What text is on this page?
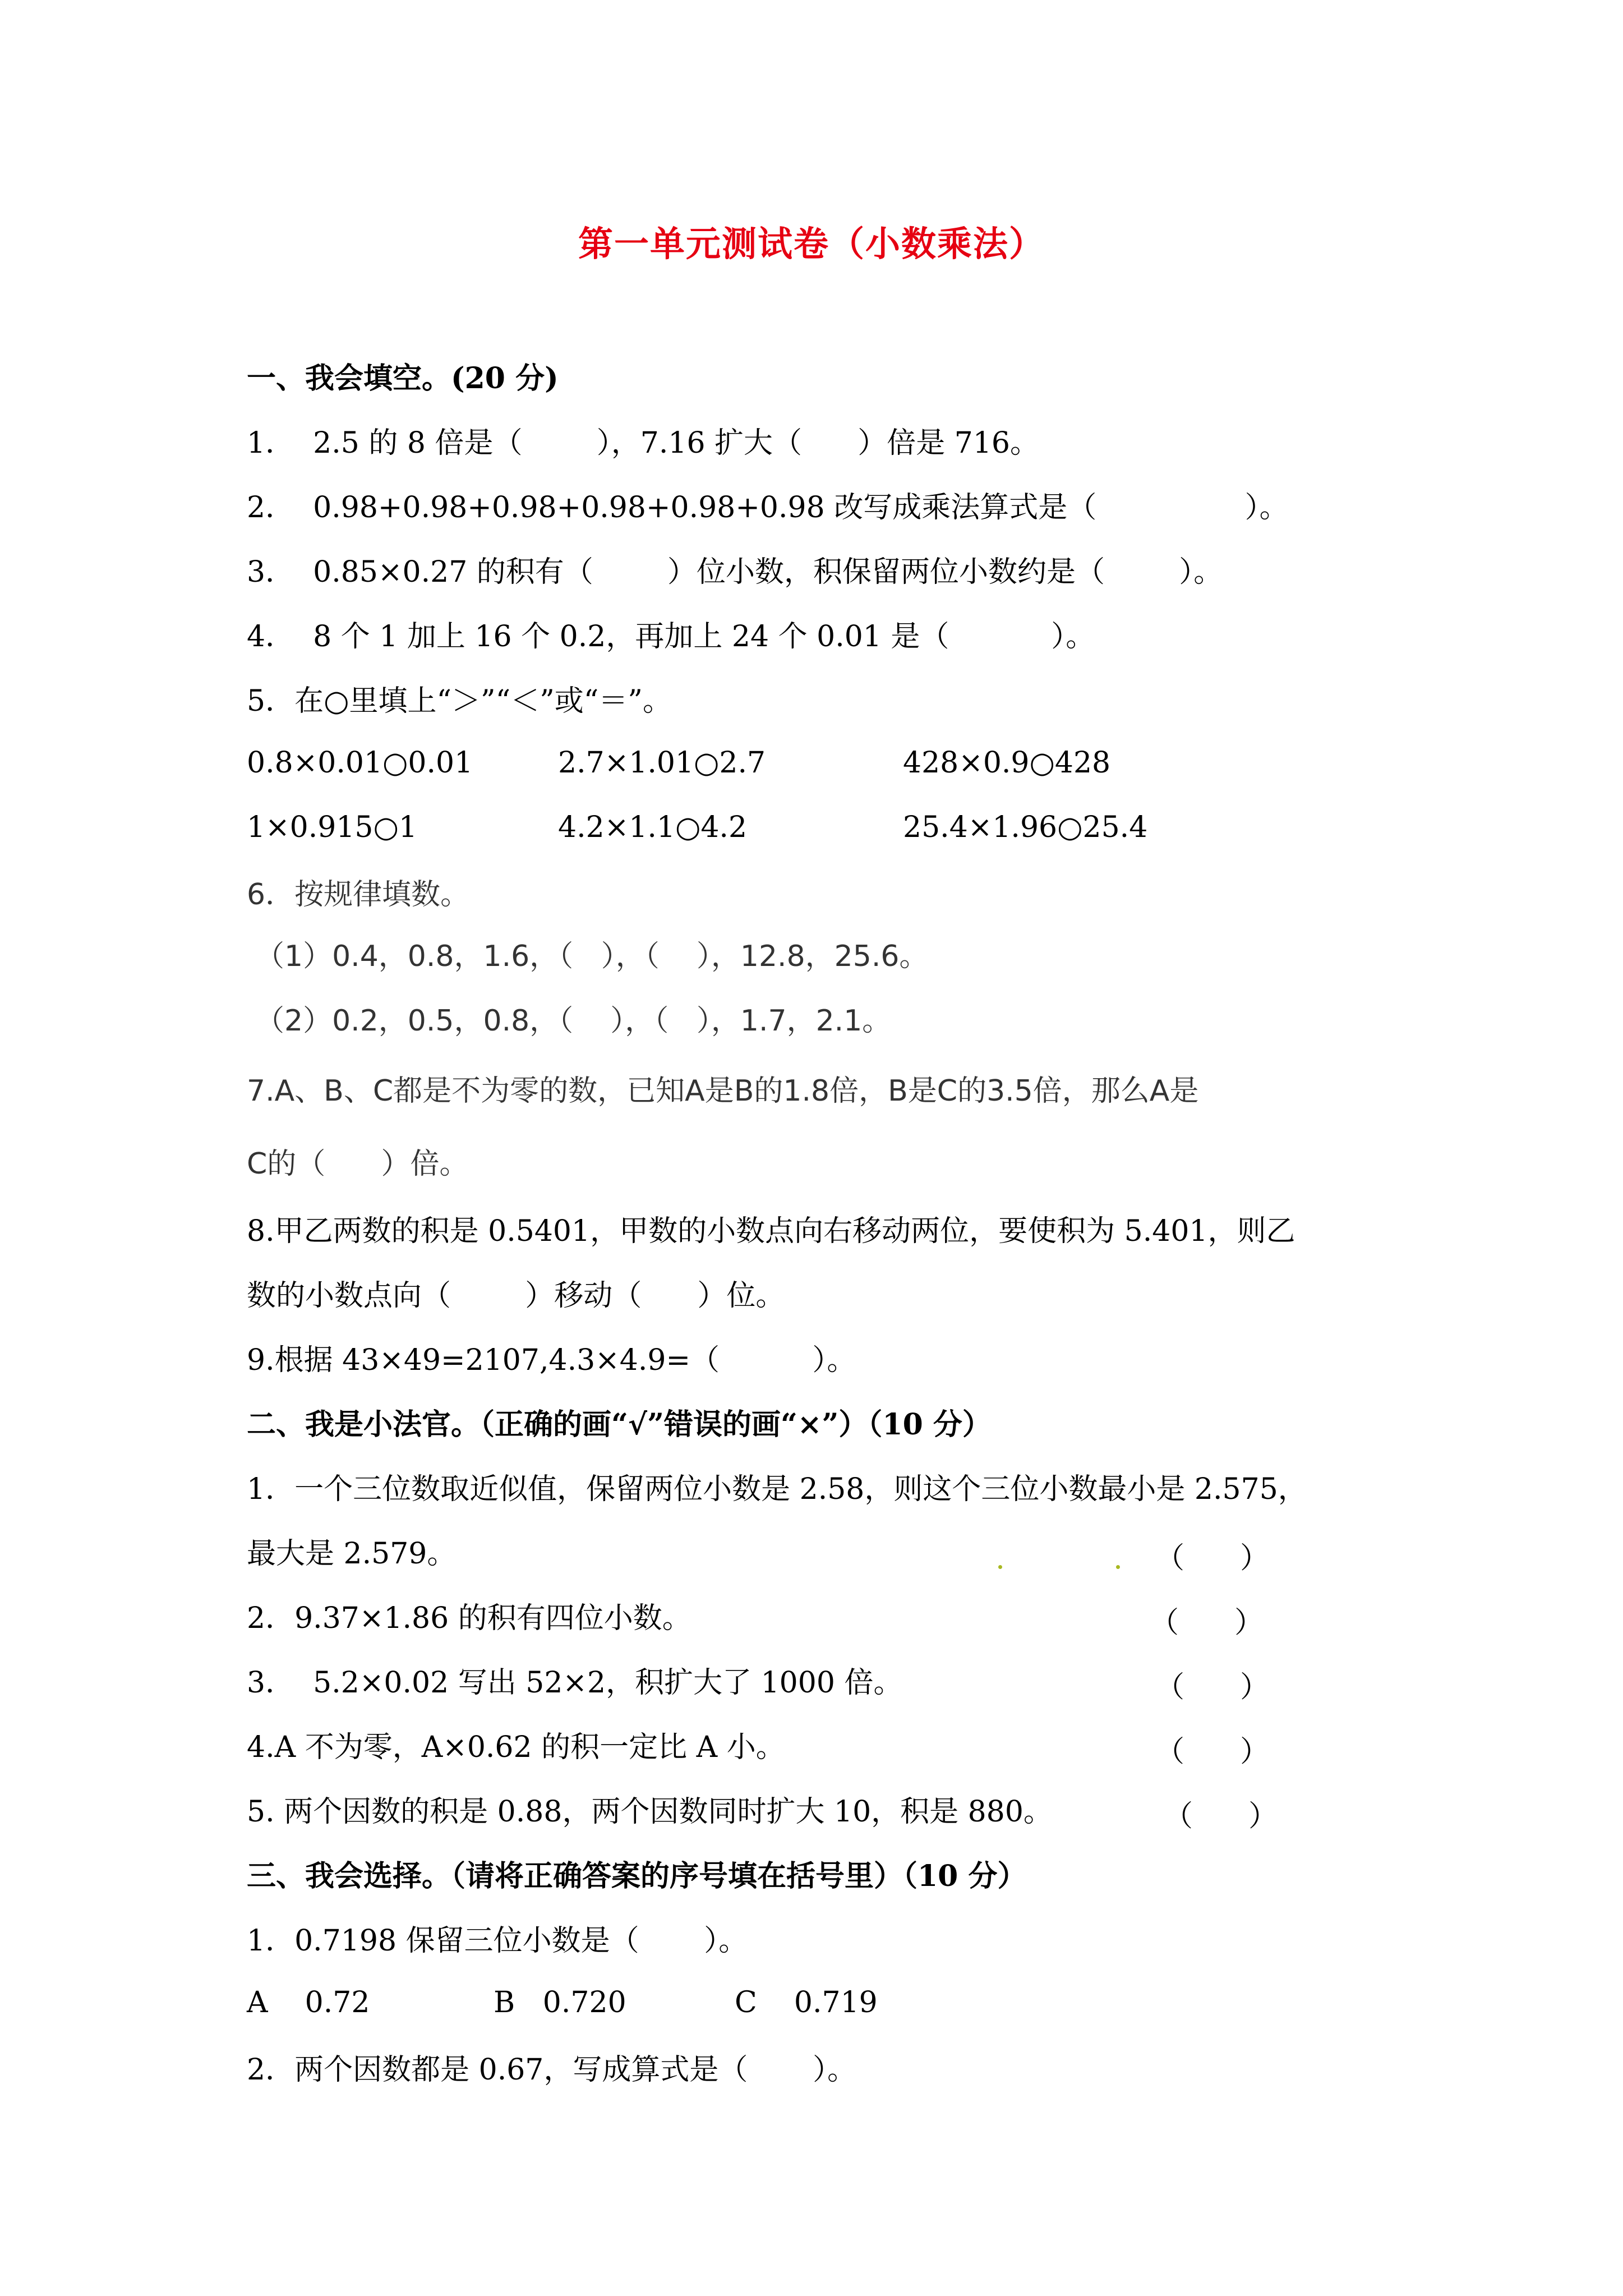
第一单元测试卷（小数乘法）
一、我会填空。(20 分)
1．  2.5 的 8 倍是（        ），7.16 扩大（      ）倍是 716。
2．  0.98+0.98+0.98+0.98+0.98+0.98 改写成乘法算式是（                ）。
3．  0.85×0.27 的积有（        ）位小数，积保留两位小数约是（        ）。
4．  8 个 1 加上 16 个 0.2，再加上 24 个 0.01 是（           ）。
5．在○里填上“＞”“＜”或“＝”。
0.8×0.01○0.01	2.7×1.01○2.7	428×0.9○428
1×0.915○1	4.2×1.1○4.2	25.4×1.96○25.4
6．按规律填数。
（1）0.4，0.8，1.6，（   ），（    ），12.8，25.6。
（2）0.2，0.5，0.8，（    ），（   ），1.7，2.1。
7.A、B、C都是不为零的数，已知A是B的1.8倍，B是C的3.5倍，那么A是
C的（      ）倍。
8.甲乙两数的积是 0.5401，甲数的小数点向右移动两位，要使积为 5.401，则乙
数的小数点向（        ）移动（      ）位。
9.根据 43×49=2107,4.3×4.9=（          ）。
二、我是小法官。（正确的画“√”错误的画“×”）（10 分）
1．一个三位数取近似值，保留两位小数是 2.58，则这个三位小数最小是 2.575，
最大是 2.579。	（      ）
2．9.37×1.86 的积有四位小数。	（      ）
3．  5.2×0.02 写出 52×2，积扩大了 1000 倍。	（      ）
4.A 不为零，A×0.62 的积一定比 A 小。	（      ）
5. 两个因数的积是 0.88，两个因数同时扩大 10，积是 880。	（      ）
三、我会选择。（请将正确答案的序号填在括号里）（10 分）
1．0.7198 保留三位小数是（       ）。
A    0.72	B   0.720	C    0.719
2．两个因数都是 0.67，写成算式是（       ）。
